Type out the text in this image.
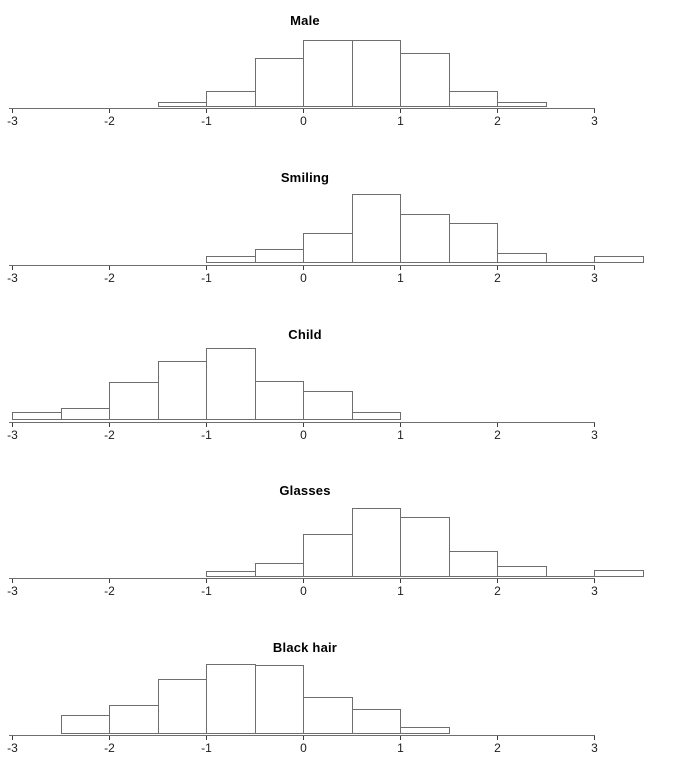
Male
-3	-2	-1	0	1	2	3
Smiling
-3	-2	-1	0	1	2	3
Child
-3	-2	-1	0	1	2	3
Glasses
-3	-2	-1	0	1	2	3
Black hair
-3	-2	-1	0	1	2	3
